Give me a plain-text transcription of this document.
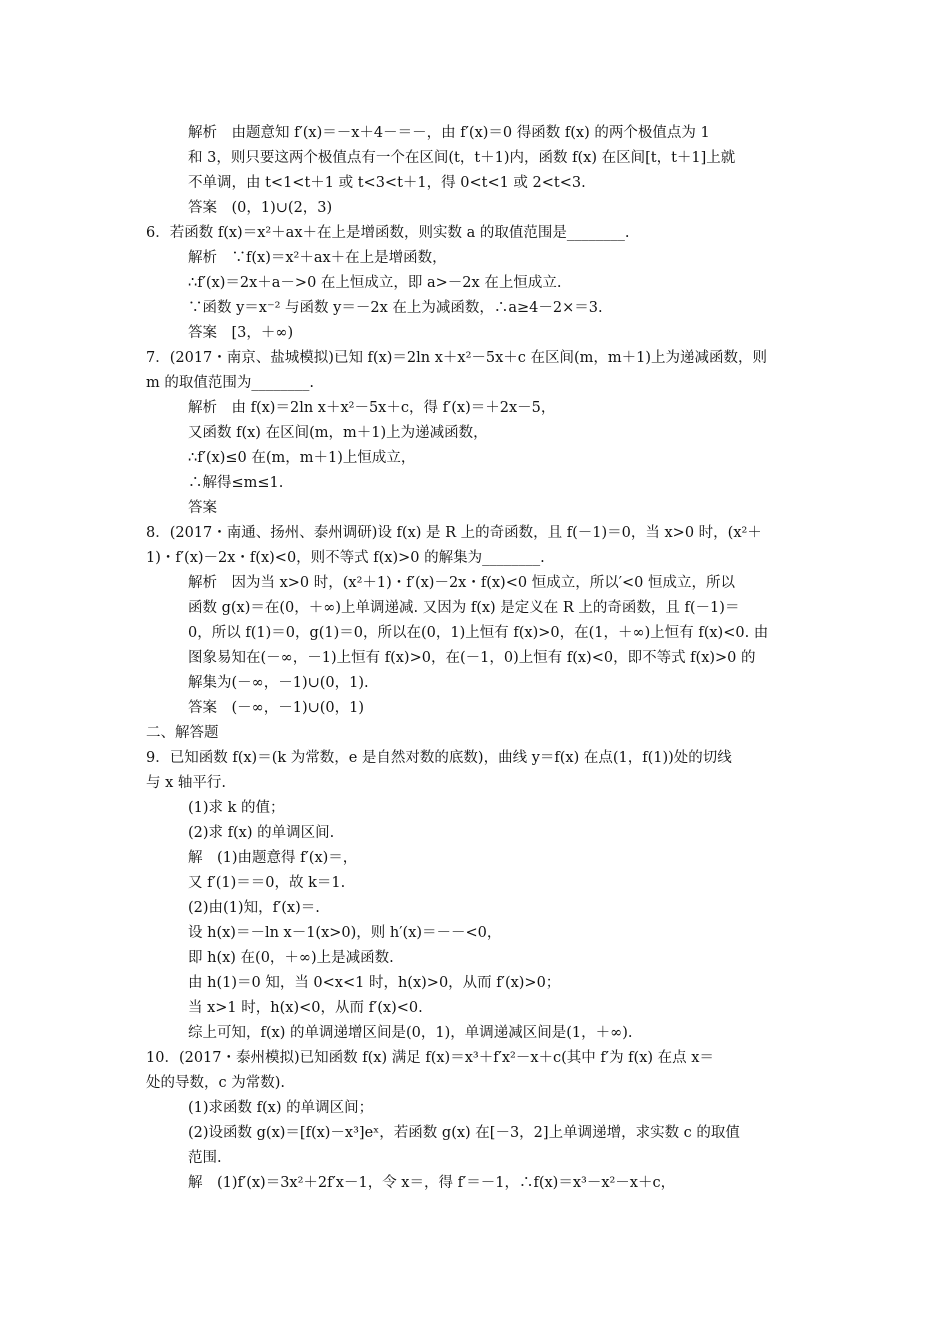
解析　由题意知 f′(x)＝－x＋4－＝－，由 f′(x)＝0 得函数 f(x) 的两个极值点为 1
和 3，则只要这两个极值点有一个在区间(t，t＋1)内，函数 f(x) 在区间[t，t＋1]上就
不单调，由 t<1<t＋1 或 t<3<t＋1，得 0<t<1 或 2<t<3.
答案　(0，1)∪(2，3)
6．若函数 f(x)＝x²＋ax＋在上是增函数，则实数 a 的取值范围是________.
解析　∵f(x)＝x²＋ax＋在上是增函数，
∴f′(x)＝2x＋a－>0 在上恒成立，即 a>－2x 在上恒成立.
∵函数 y＝x⁻² 与函数 y＝－2x 在上为减函数，∴a≥4－2×＝3.
答案　[3，＋∞)
7．(2017・南京、盐城模拟)已知 f(x)＝2ln x＋x²－5x＋c 在区间(m，m＋1)上为递减函数，则
m 的取值范围为________.
解析　由 f(x)＝2ln x＋x²－5x＋c，得 f′(x)＝＋2x－5，
又函数 f(x) 在区间(m，m＋1)上为递减函数，
∴f′(x)≤0 在(m，m＋1)上恒成立，
∴解得≤m≤1.
答案
8．(2017・南通、扬州、泰州调研)设 f(x) 是 R 上的奇函数，且 f(－1)＝0，当 x>0 时，(x²＋
1)・f′(x)－2x・f(x)<0，则不等式 f(x)>0 的解集为________.
解析　因为当 x>0 时，(x²＋1)・f′(x)－2x・f(x)<0 恒成立，所以′<0 恒成立，所以
函数 g(x)＝在(0，＋∞)上单调递减. 又因为 f(x) 是定义在 R 上的奇函数，且 f(－1)＝
0，所以 f(1)＝0，g(1)＝0，所以在(0，1)上恒有 f(x)>0，在(1，＋∞)上恒有 f(x)<0. 由
图象易知在(－∞，－1)上恒有 f(x)>0，在(－1，0)上恒有 f(x)<0，即不等式 f(x)>0 的
解集为(－∞，－1)∪(0，1).
答案　(－∞，－1)∪(0，1)
二、解答题
9．已知函数 f(x)＝(k 为常数，e 是自然对数的底数)，曲线 y＝f(x) 在点(1，f(1))处的切线
与 x 轴平行.
(1)求 k 的值；
(2)求 f(x) 的单调区间.
解　(1)由题意得 f′(x)＝，
又 f′(1)＝＝0，故 k＝1.
(2)由(1)知，f′(x)＝.
设 h(x)＝－ln x－1(x>0)，则 h′(x)＝－－<0，
即 h(x) 在(0，＋∞)上是减函数.
由 h(1)＝0 知，当 0<x<1 时，h(x)>0，从而 f′(x)>0；
当 x>1 时，h(x)<0，从而 f′(x)<0.
综上可知，f(x) 的单调递增区间是(0，1)，单调递减区间是(1，＋∞).
10．(2017・泰州模拟)已知函数 f(x) 满足 f(x)＝x³＋f′x²－x＋c(其中 f′为 f(x) 在点 x＝
处的导数，c 为常数).
(1)求函数 f(x) 的单调区间；
(2)设函数 g(x)＝[f(x)－x³]eˣ，若函数 g(x) 在[－3，2]上单调递增，求实数 c 的取值
范围.
解　(1)f′(x)＝3x²＋2f′x－1，令 x＝，得 f′＝－1，∴f(x)＝x³－x²－x＋c，
